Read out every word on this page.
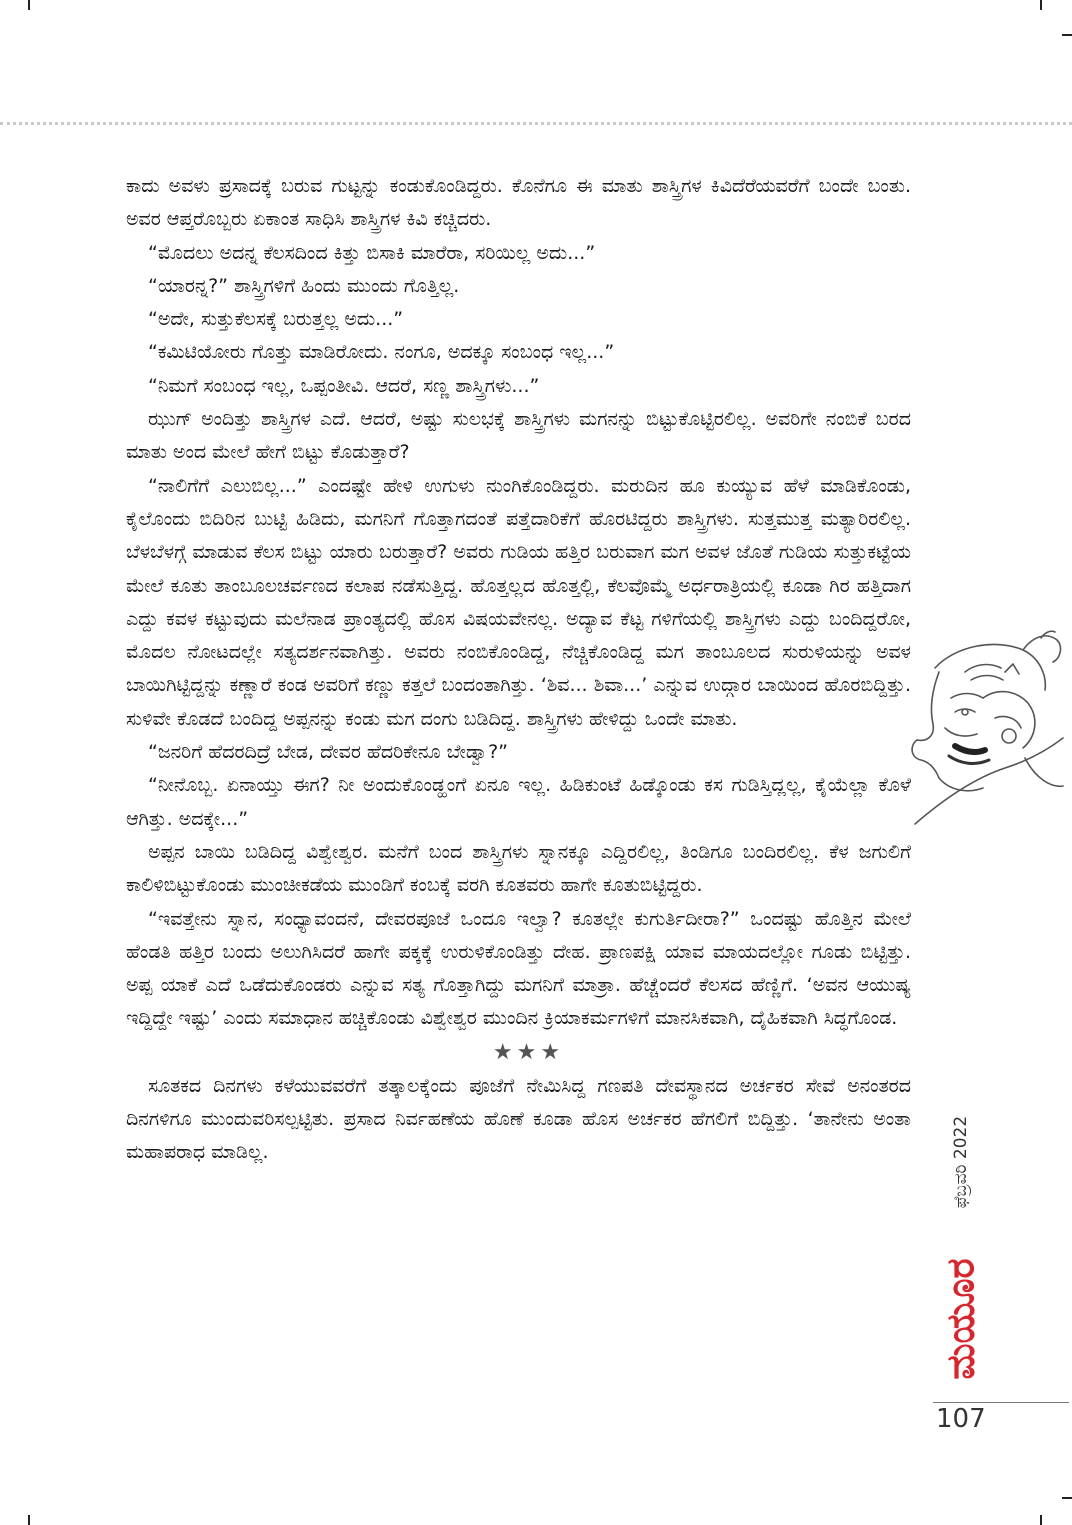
ಕಾದು ಅವಳು ಪ್ರಸಾದಕ್ಕೆ ಬರುವ ಗುಟ್ಟನ್ನು ಕಂಡುಕೊಂಡಿದ್ದರು. ಕೊನೆಗೂ ಈ ಮಾತು ಶಾಸ್ತ್ರಿಗಳ ಕಿವಿದೆರೆಯವರೆಗೆ ಬಂದೇ ಬಂತು. ಅವರ ಆಪ್ತರೊಬ್ಬರು ಏಕಾಂತ ಸಾಧಿಸಿ ಶಾಸ್ತ್ರಿಗಳ ಕಿವಿ ಕಚ್ಚಿದರು.

“ಮೊದಲು ಅದನ್ನ ಕೆಲಸದಿಂದ ಕಿತ್ತು ಬಿಸಾಕಿ ಮಾರೆರಾ, ಸರಿಯಿಲ್ಲ ಅದು...”

“ಯಾರನ್ನ?” ಶಾಸ್ತ್ರಿಗಳಿಗೆ ಹಿಂದು ಮುಂದು ಗೊತ್ತಿಲ್ಲ.

“ಅದೇ, ಸುತ್ತುಕೆಲಸಕ್ಕೆ ಬರುತ್ತಲ್ಲ ಅದು...”

“ಕಮಿಟಿಯೋರು ಗೊತ್ತು ಮಾಡಿರೋದು. ನಂಗೂ, ಅದಕ್ಕೂ ಸಂಬಂಧ ಇಲ್ಲ...”

“ನಿಮಗೆ ಸಂಬಂಧ ಇಲ್ಲ, ಒಪ್ಪಂತೀವಿ. ಆದರೆ, ಸಣ್ಣ ಶಾಸ್ತ್ರಿಗಳು...”

ಝುಗ್ ಅಂದಿತ್ತು ಶಾಸ್ತ್ರಿಗಳ ಎದೆ. ಆದರೆ, ಅಷ್ಟು ಸುಲಭಕ್ಕೆ ಶಾಸ್ತ್ರಿಗಳು ಮಗನನ್ನು ಬಿಟ್ಟುಕೊಟ್ಟಿರಲಿಲ್ಲ. ಅವರಿಗೇ ನಂಬಿಕೆ ಬರದ ಮಾತು ಅಂದ ಮೇಲೆ ಹೇಗೆ ಬಿಟ್ಟು ಕೊಡುತ್ತಾರೆ?

“ನಾಲಿಗೆಗೆ ಎಲುಬಿಲ್ಲ...” ಎಂದಷ್ಟೇ ಹೇಳಿ ಉಗುಳು ನುಂಗಿಕೊಂಡಿದ್ದರು. ಮರುದಿನ ಹೂ ಕುಯ್ಯುವ ಹೆಳೆ ಮಾಡಿಕೊಂಡು, ಕೈಲೊಂದು ಬಿದಿರಿನ ಬುಟ್ಟಿ ಹಿಡಿದು, ಮಗನಿಗೆ ಗೊತ್ತಾಗದಂತೆ ಪತ್ತೆದಾರಿಕೆಗೆ ಹೊರಟಿದ್ದರು ಶಾಸ್ತ್ರಿಗಳು. ಸುತ್ತಮುತ್ತ ಮತ್ಯಾರಿರಲಿಲ್ಲ. ಬೆಳಬೆಳಗ್ಗೆ ಮಾಡುವ ಕೆಲಸ ಬಿಟ್ಟು ಯಾರು ಬರುತ್ತಾರೆ? ಅವರು ಗುಡಿಯ ಹತ್ತಿರ ಬರುವಾಗ ಮಗ ಅವಳ ಜೊತೆ ಗುಡಿಯ ಸುತ್ತುಕಟ್ಟೆಯ ಮೇಲೆ ಕೂತು ತಾಂಬೂಲಚರ್ವಣದ ಕಲಾಪ ನಡೆಸುತ್ತಿದ್ದ. ಹೊತ್ತಲ್ಲದ ಹೊತ್ತಲ್ಲಿ, ಕೆಲವೊಮ್ಮೆ ಅರ್ಧರಾತ್ರಿಯಲ್ಲಿ ಕೂಡಾ ಗಿರ ಹತ್ತಿದಾಗ ಎದ್ದು ಕವಳ ಕಟ್ಟುವುದು ಮಲೆನಾಡ ಪ್ರಾಂತ್ಯದಲ್ಲಿ ಹೊಸ ವಿಷಯವೇನಲ್ಲ. ಅದ್ಯಾವ ಕೆಟ್ಟ ಗಳಿಗೆಯಲ್ಲಿ ಶಾಸ್ತ್ರಿಗಳು ಎದ್ದು ಬಂದಿದ್ದರೋ, ಮೊದಲ ನೋಟದಲ್ಲೇ ಸತ್ಯದರ್ಶನವಾಗಿತ್ತು. ಅವರು ನಂಬಿಕೊಂಡಿದ್ದ, ನೆಚ್ಚಿಕೊಂಡಿದ್ದ ಮಗ ತಾಂಬೂಲದ ಸುರುಳಿಯನ್ನು ಅವಳ ಬಾಯಿಗಿಟ್ಟಿದ್ದನ್ನು ಕಣ್ಣಾರೆ ಕಂಡ ಅವರಿಗೆ ಕಣ್ಣು ಕತ್ತಲೆ ಬಂದಂತಾಗಿತ್ತು. ‘ಶಿವ... ಶಿವಾ...’ ಎನ್ನುವ ಉದ್ಗಾರ ಬಾಯಿಂದ ಹೊರಬಿದ್ದಿತ್ತು. ಸುಳಿವೇ ಕೊಡದೆ ಬಂದಿದ್ದ ಅಪ್ಪನನ್ನು ಕಂಡು ಮಗ ದಂಗು ಬಡಿದಿದ್ದ. ಶಾಸ್ತ್ರಿಗಳು ಹೇಳಿದ್ದು ಒಂದೇ ಮಾತು.

“ಜನರಿಗೆ ಹೆದರದಿದ್ರೆ ಬೇಡ, ದೇವರ ಹೆದರಿಕೇನೂ ಬೇಡ್ವಾ?”

“ನೀನೊಬ್ಬ. ಏನಾಯ್ತು ಈಗ? ನೀ ಅಂದುಕೊಂಡ್ಹಂಗೆ ಏನೂ ಇಲ್ಲ. ಹಿಡಿಕುಂಟೆ ಹಿಡ್ಕೊಂಡು ಕಸ ಗುಡಿಸ್ತಿದ್ಲಲ್ಲ, ಕೈಯೆಲ್ಲಾ ಕೊಳೆ ಆಗಿತ್ತು. ಅದಕ್ಕೇ...”

ಅಪ್ಪನ ಬಾಯಿ ಬಡಿದಿದ್ದ ವಿಶ್ವೇಶ್ವರ. ಮನೆಗೆ ಬಂದ ಶಾಸ್ತ್ರಿಗಳು ಸ್ನಾನಕ್ಕೂ ಎದ್ದಿರಲಿಲ್ಲ, ತಿಂಡಿಗೂ ಬಂದಿರಲಿಲ್ಲ. ಕೆಳ ಜಗುಲಿಗೆ ಕಾಲಿಳಿಬಿಟ್ಟುಕೊಂಡು ಮುಂಚೀಕಡೆಯ ಮುಂಡಿಗೆ ಕಂಬಕ್ಕೆ ವರಗಿ ಕೂತವರು ಹಾಗೇ ಕೂತುಬಿಟ್ಟಿದ್ದರು.

“ಇವತ್ತೇನು ಸ್ನಾನ, ಸಂಧ್ಯಾವಂದನೆ, ದೇವರಪೂಜೆ ಒಂದೂ ಇಲ್ವಾ? ಕೂತಲ್ಲೇ ಕುಗುರ್ತಿದೀರಾ?” ಒಂದಷ್ಟು ಹೊತ್ತಿನ ಮೇಲೆ ಹೆಂಡತಿ ಹತ್ತಿರ ಬಂದು ಅಲುಗಿಸಿದರೆ ಹಾಗೇ ಪಕ್ಕಕ್ಕೆ ಉರುಳಿಕೊಂಡಿತ್ತು ದೇಹ. ಪ್ರಾಣಪಕ್ಷಿ ಯಾವ ಮಾಯದಲ್ಲೋ ಗೂಡು ಬಿಟ್ಟಿತ್ತು. ಅಪ್ಪ ಯಾಕೆ ಎದೆ ಒಡೆದುಕೊಂಡರು ಎನ್ನುವ ಸತ್ಯ ಗೊತ್ತಾಗಿದ್ದು ಮಗನಿಗೆ ಮಾತ್ರಾ. ಹೆಚ್ಚೆಂದರೆ ಕೆಲಸದ ಹೆಣ್ಣಿಗೆ. ‘ಅವನ ಆಯುಷ್ಯ ಇದ್ದಿದ್ದೇ ಇಷ್ಟು’ ಎಂದು ಸಮಾಧಾನ ಹಚ್ಚಿಕೊಂಡು ವಿಶ್ವೇಶ್ವರ ಮುಂದಿನ ಕ್ರಿಯಾಕರ್ಮಗಳಿಗೆ ಮಾನಸಿಕವಾಗಿ, ದೈಹಿಕವಾಗಿ ಸಿದ್ಧಗೊಂಡ.

★★★

ಸೂತಕದ ದಿನಗಳು ಕಳೆಯುವವರೆಗೆ ತತ್ಕಾಲಕ್ಕೆಂದು ಪೂಜೆಗೆ ನೇಮಿಸಿದ್ದ ಗಣಪತಿ ದೇವಸ್ಥಾನದ ಅರ್ಚಕರ ಸೇವೆ ಅನಂತರದ ದಿನಗಳಿಗೂ ಮುಂದುವರಿಸಲ್ಪಟ್ಟಿತು. ಪ್ರಸಾದ ನಿರ್ವಹಣೆಯ ಹೊಣೆ ಕೂಡಾ ಹೊಸ ಅರ್ಚಕರ ಹೆಗಲಿಗೆ ಬಿದ್ದಿತ್ತು. ‘ತಾನೇನು ಅಂತಾ ಮಹಾಪರಾಧ ಮಾಡಿಲ್ಲ.	ಫೆಬ್ರವರಿ 2022
ಮಯೂರ
107
